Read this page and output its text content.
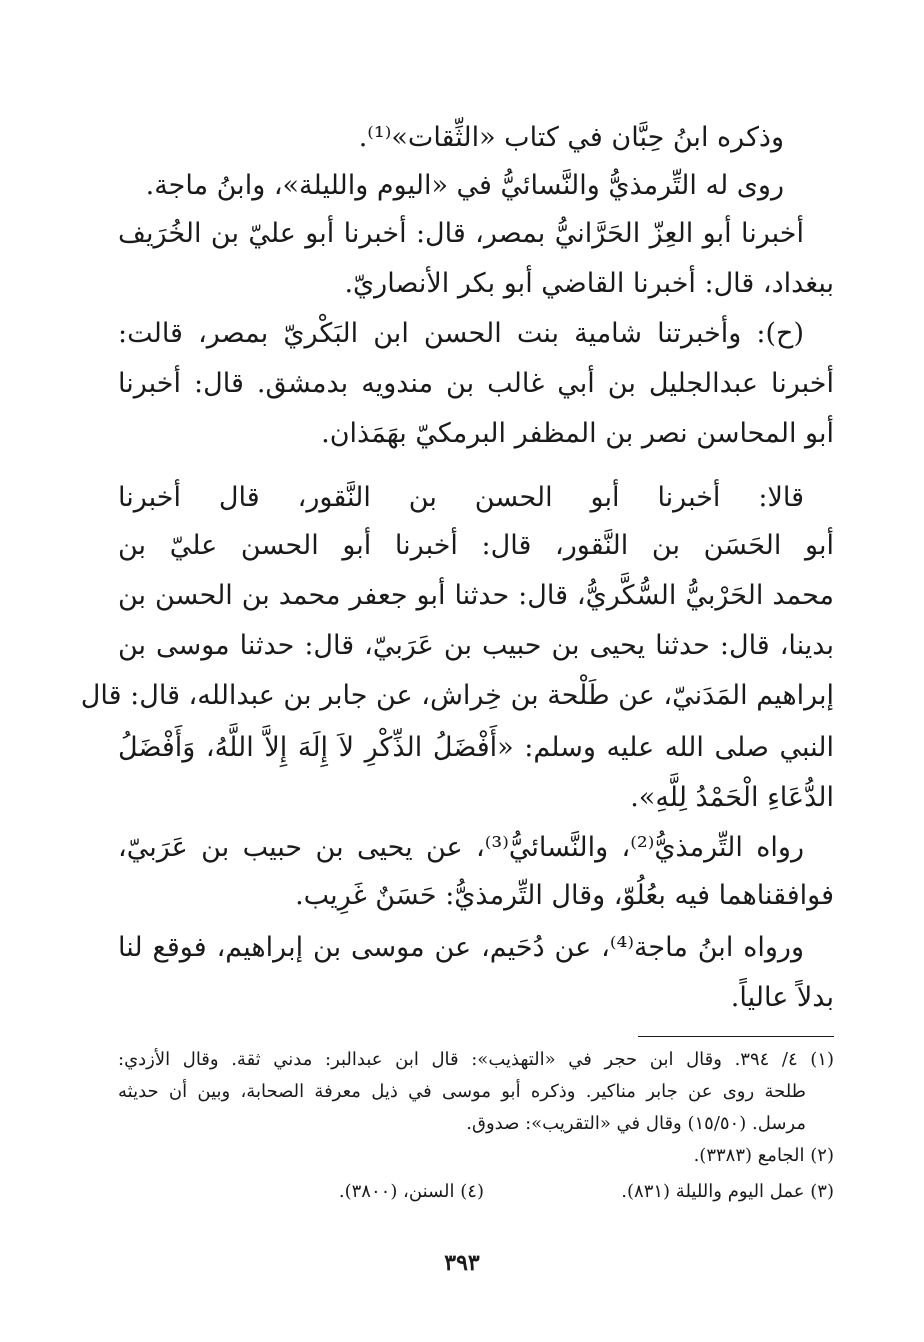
وذكره ابنُ حِبَّان في كتاب «الثِّقات»⁽¹⁾.
روى له التِّرمذيُّ والنَّسائيُّ في «اليوم والليلة»، وابنُ ماجة.
أخبرنا أبو العِزّ الحَرَّانيُّ بمصر، قال: أخبرنا أبو عليّ بن الخُرَيف
ببغداد، قال: أخبرنا القاضي أبو بكر الأنصاريّ.
(ح): وأخبرتنا شامية بنت الحسن ابن البَكْريّ بمصر، قالت:
أخبرنا عبدالجليل بن أبي غالب بن مندويه بدمشق. قال: أخبرنا
أبو المحاسن نصر بن المظفر البرمكيّ بهَمَذان.
قالا: أخبرنا أبو الحسن بن النَّقور، قال أخبرنا
أبو الحَسَن بن النَّقور، قال: أخبرنا أبو الحسن عليّ بن
محمد الحَرْبيُّ السُّكَّريُّ، قال: حدثنا أبو جعفر محمد بن الحسن بن
بدينا، قال: حدثنا يحيى بن حبيب بن عَرَبيّ، قال: حدثنا موسى بن
إبراهيم المَدَنيّ، عن طَلْحة بن خِراش، عن جابر بن عبدالله، قال: قال
النبي صلى الله عليه وسلم: «أَفْضَلُ الذِّكْرِ لاَ إِلَهَ إِلاَّ اللَّهُ، وَأَفْضَلُ
الدُّعَاءِ الْحَمْدُ لِلَّهِ».
رواه التِّرمذيُّ⁽²⁾، والنَّسائيُّ⁽³⁾، عن يحيى بن حبيب بن عَرَبيّ،
فوافقناهما فيه بعُلُوّ، وقال التِّرمذيُّ: حَسَنٌ غَرِيب.
ورواه ابنُ ماجة⁽⁴⁾، عن دُحَيم، عن موسى بن إبراهيم، فوقع لنا
بدلاً عالياً.
(١) ٤/ ٣٩٤. وقال ابن حجر في «التهذيب»: قال ابن عبدالبر: مدني ثقة. وقال الأزدي:
طلحة روى عن جابر مناكير. وذكره أبو موسى في ذيل معرفة الصحابة، وبين أن حديثه
مرسل. (١٥/٥٠) وقال في «التقريب»: صدوق.
(٢) الجامع (٣٣٨٣).
(٣) عمل اليوم والليلة (٨٣١).
(٤) السنن، (٣٨٠٠).
٣٩٣
